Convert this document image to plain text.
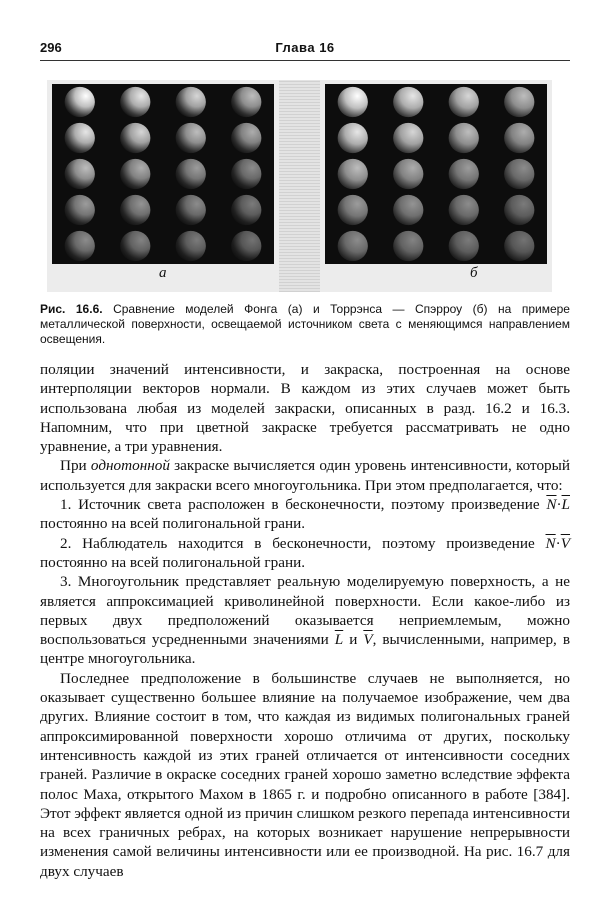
296	Глава 16
а	б
Рис. 16.6. Сравнение моделей Фонга (а) и Торрэнса — Спэрроу (б) на примере металлической поверхности, освещаемой источником света с меняющимся направлением освещения.

поляции значений интенсивности, и закраска, построенная на основе интерполяции векторов нормали. В каждом из этих случаев может быть использована любая из моделей закраски, описанных в разд. 16.2 и 16.3. Напомним, что при цветной закраске требуется рассматривать не одно уравнение, а три уравнения.

При однотонной закраске вычисляется один уровень интенсивности, который используется для закраски всего многоугольника. При этом предполагается, что:

1. Источник света расположен в бесконечности, поэтому произведение $\overline{N}\cdot\overline{L}$ постоянно на всей полигональной грани.

2. Наблюдатель находится в бесконечности, поэтому произведение $\overline{N}\cdot\overline{V}$ постоянно на всей полигональной грани.

3. Многоугольник представляет реальную моделируемую поверхность, а не является аппроксимацией криволинейной поверхности. Если какое-либо из первых двух предположений оказывается неприемлемым, можно воспользоваться усредненными значениями $\overline{L}$ и $\overline{V}$, вычисленными, например, в центре многоугольника.

Последнее предположение в большинстве случаев не выполняется, но оказывает существенно большее влияние на получаемое изображение, чем два других. Влияние состоит в том, что каждая из видимых полигональных граней аппроксимированной поверхности хорошо отличима от других, поскольку интенсивность каждой из этих граней отличается от интенсивности соседних граней. Различие в окраске соседних граней хорошо заметно вследствие эффекта полос Маха, открытого Махом в 1865 г. и подробно описанного в работе [384]. Этот эффект является одной из причин слишком резкого перепада интенсивности на всех граничных ребрах, на которых возникает нарушение непрерывности изменения самой величины интенсивности или ее производной. На рис. 16.7 для двух случаев
